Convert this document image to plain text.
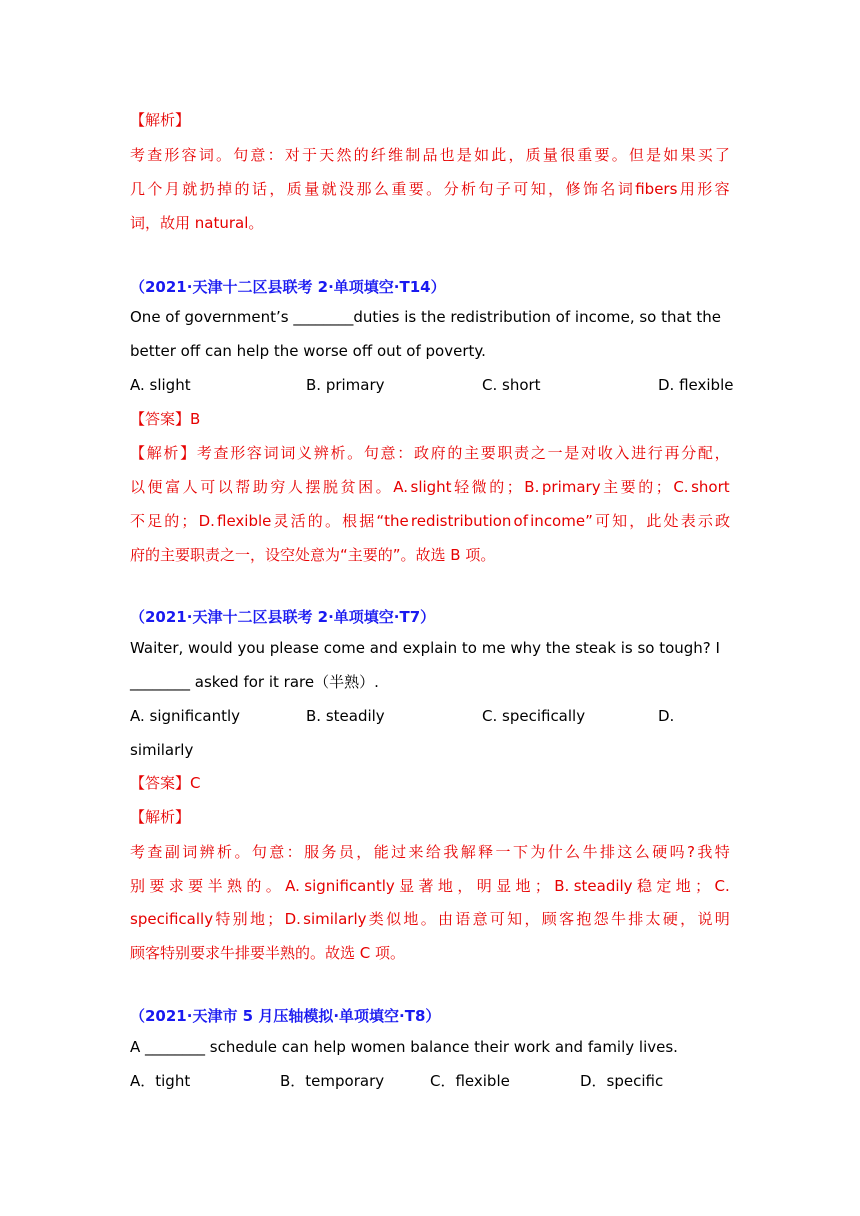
【解析】
考 查 形 容 词 。 句 意 ： 对 于 天 然 的 纤 维 制 品 也 是 如 此 ， 质 量 很 重 要 。 但 是 如 果 买 了
几 个 月 就 扔 掉 的 话 ， 质 量 就 没 那 么 重 要 。 分 析 句 子 可 知 ， 修 饰 名 词 fibers 用 形 容
词，故用 natural。
（2021·天津十二区县联考 2·单项填空·T14）
One of government’s ________duties is the redistribution of income, so that the
better off can help the worse off out of poverty.
A. slight	B. primary	C. short	D. flexible
【答案】B
【 解 析 】 考 查 形 容 词 词 义 辨 析 。 句 意 ： 政 府 的 主 要 职 责 之 一 是 对 收 入 进 行 再 分 配 ，
以 便 富 人 可 以 帮 助 穷 人 摆 脱 贫 困 。 A. slight 轻 微 的 ； B. primary 主 要 的 ； C. short
不 足 的 ； D. flexible 灵 活 的 。 根 据 “the redistribution of income” 可 知 ， 此 处 表 示 政
府的主要职责之一，设空处意为“主要的”。故选 B 项。
（2021·天津十二区县联考 2·单项填空·T7）
Waiter, would you please come and explain to me why the steak is so tough? I
________ asked for it rare（半熟）.
A. significantly	B. steadily	C. specifically	D.
similarly
【答案】C
【解析】
考 查 副 词 辨 析 。 句 意 ： 服 务 员 ， 能 过 来 给 我 解 释 一 下 为 什 么 牛 排 这 么 硬 吗 ? 我 特
别 要 求 要 半 熟 的 。 A. significantly 显 著 地 ， 明 显 地 ； B. steadily 稳 定 地 ； C.
specifically 特 别 地 ； D. similarly 类 似 地 。 由 语 意 可 知 ， 顾 客 抱 怨 牛 排 太 硬 ， 说 明
顾客特别要求牛排要半熟的。故选 C 项。
（2021·天津市 5 月压轴模拟·单项填空·T8）
A ________ schedule can help women balance their work and family lives.
A．tight	B．temporary	C．flexible	D．specific
